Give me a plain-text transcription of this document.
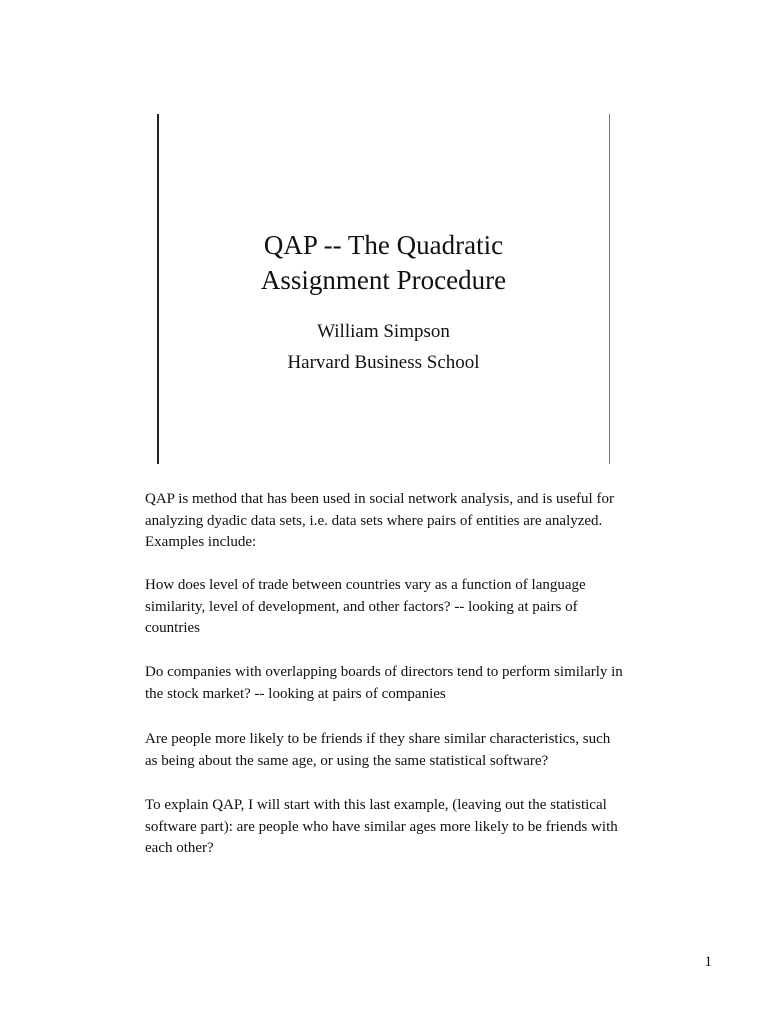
QAP -- The Quadratic
Assignment Procedure
William Simpson
Harvard Business School

QAP is method that has been used in social network analysis, and is useful for analyzing dyadic data sets, i.e. data sets where pairs of entities are analyzed. Examples include:

How does level of trade between countries vary as a function of language similarity, level of development, and other factors? -- looking at pairs of countries

Do companies with overlapping boards of directors tend to perform similarly in the stock market? -- looking at pairs of companies

Are people more likely to be friends if they share similar characteristics, such as being about the same age, or using the same statistical software?

To explain QAP, I will start with this last example, (leaving out the statistical software part): are people who have similar ages more likely to be friends with each other?

1
